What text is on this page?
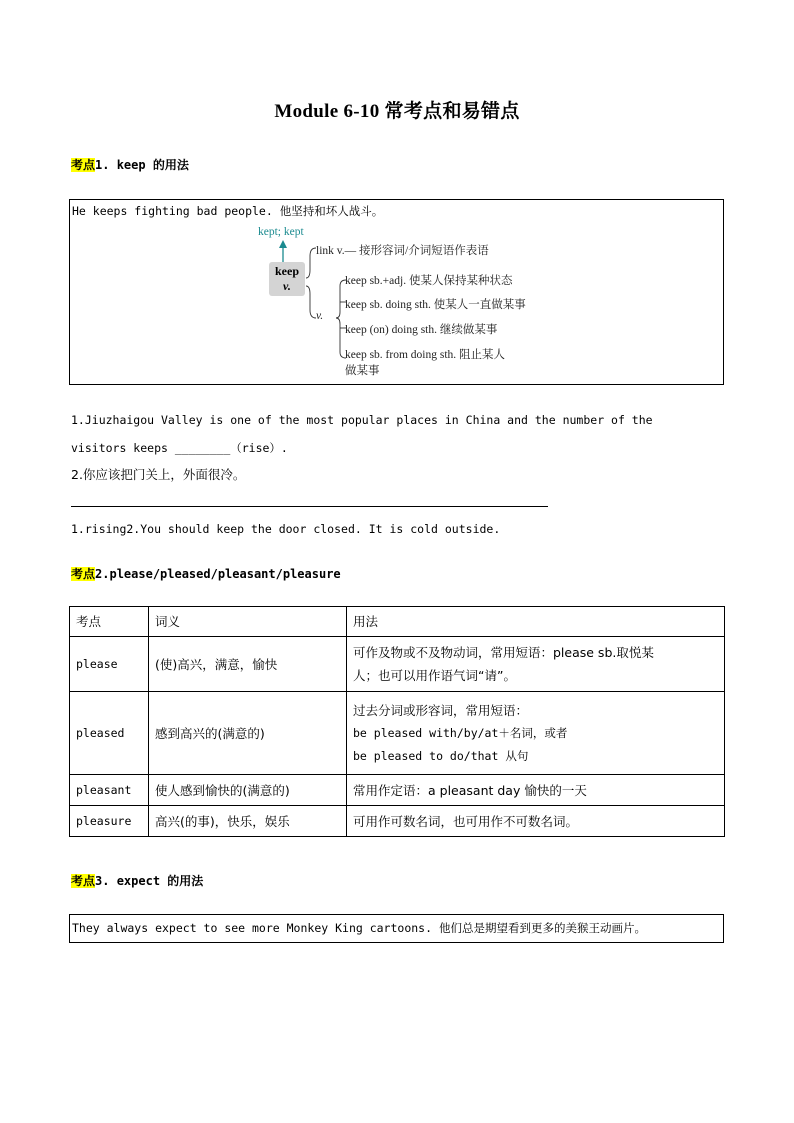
Module 6-10 常考点和易错点
考点1. keep 的用法
He keeps fighting bad people. 他坚持和坏人战斗。
kept; kept
keep
v.
link v.— 接形容词/介词短语作表语
v.
keep sb.+adj. 使某人保持某种状态
keep sb. doing sth. 使某人一直做某事
keep (on) doing sth. 继续做某事
keep sb. from doing sth. 阻止某人
做某事
1.Jiuzhaigou Valley is one of the most popular places in China and the number of the
visitors keeps ________（rise）.
2.你应该把门关上，外面很冷。
1.rising2.You should keep the door closed. It is cold outside.
考点2.please/pleased/pleasant/pleasure
考点	词义	用法
please	(使)高兴，满意，愉快	可作及物或不及物动词，常用短语：please sb.取悦某
人；也可以用作语气词“请”。

pleased	感到高兴的(满意的)	过去分词或形容词，常用短语：
be pleased with/by/at＋名词，或者
be pleased to do/that 从句

pleasant	使人感到愉快的(满意的)	常用作定语：a pleasant day 愉快的一天
pleasure	高兴(的事)，快乐，娱乐	可用作可数名词，也可用作不可数名词。
考点3. expect 的用法
They always expect to see more Monkey King cartoons. 他们总是期望看到更多的美猴王动画片。
